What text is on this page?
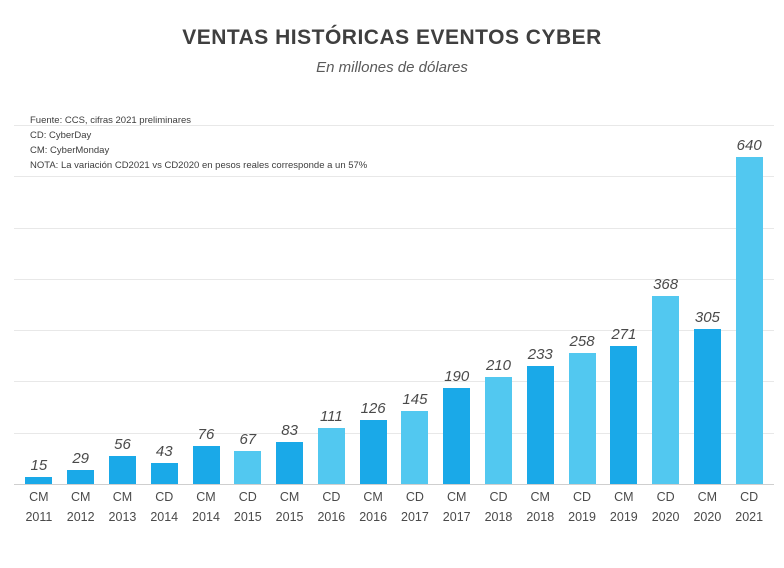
VENTAS HISTÓRICAS EVENTOS CYBER
En millones de dólares
Fuente: CCS, cifras 2021 preliminares
CD: CyberDay
CM: CyberMonday
NOTA: La variación CD2021 vs CD2020 en pesos reales corresponde a un 57%
15 29
56 43
76 67 83
111 126
145
190
210
233
258 271
368
305
640
CM
2011
CM
2012
CM
2013
CD
2014
CM
2014
CD
2015
CM
2015
CD
2016
CM
2016
CD
2017
CM
2017
CD
2018
CM
2018
CD
2019
CM
2019
CD
2020
CM
2020
CD
2021
